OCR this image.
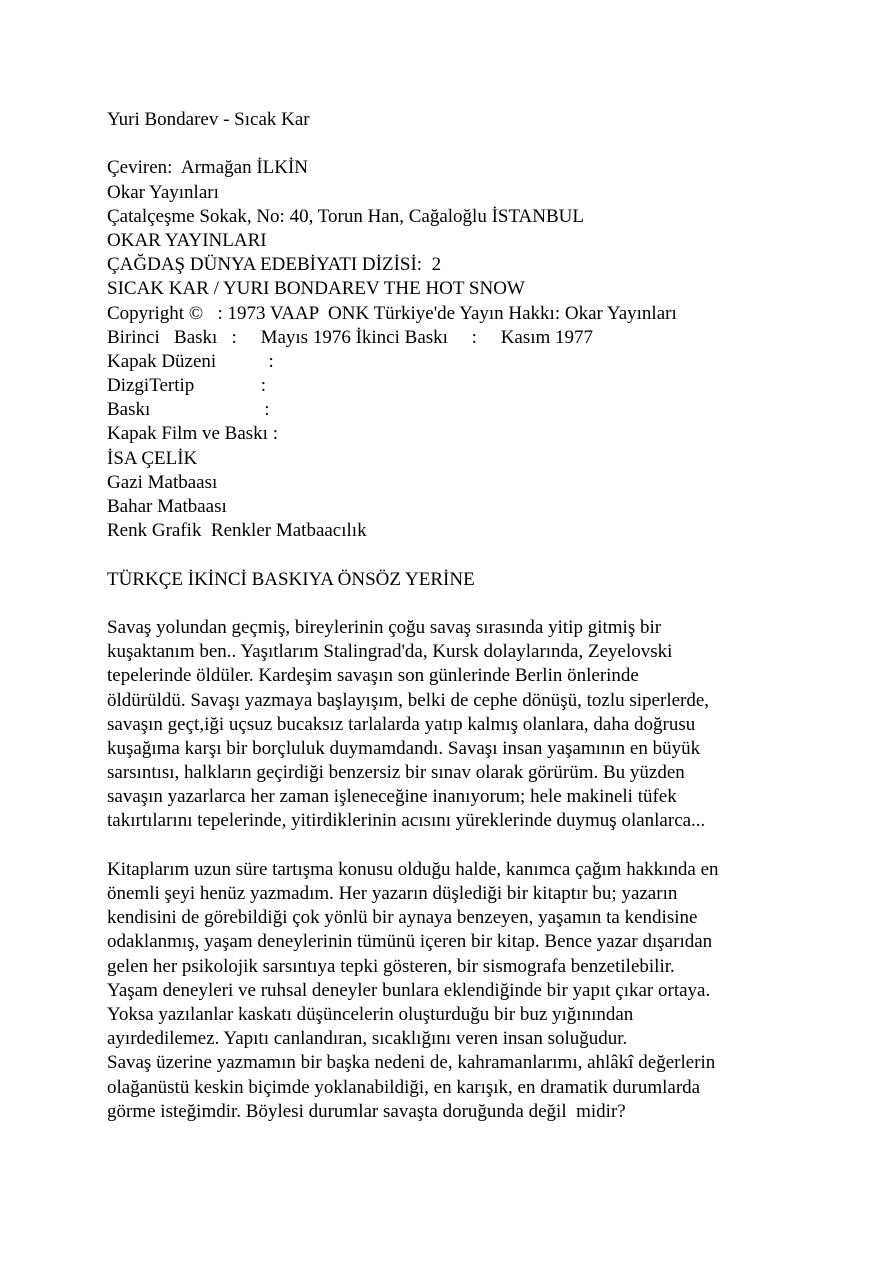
Yuri Bondarev - Sıcak Kar
Çeviren:  Armağan İLKİN
Okar Yayınları
Çatalçeşme Sokak, No: 40, Torun Han, Cağaloğlu İSTANBUL
OKAR YAYINLARI
ÇAĞDAŞ DÜNYA EDEBİYATI DİZİSİ:  2
SICAK KAR / YURI BONDAREV THE HOT SNOW
Copyright ©   : 1973 VAAP  ONK Türkiye'de Yayın Hakkı: Okar Yayınları
Birinci   Baskı   :     Mayıs 1976 İkinci Baskı     :     Kasım 1977
Kapak Düzeni           :
DizgiTertip              :
Baskı                        :
Kapak Film ve Baskı :
İSA ÇELİK
Gazi Matbaası
Bahar Matbaası
Renk Grafik  Renkler Matbaacılık
TÜRKÇE İKİNCİ BASKIYA ÖNSÖZ YERİNE
Savaş yolundan geçmiş, bireylerinin çoğu savaş sırasında yitip gitmiş bir
kuşaktanım ben.. Yaşıtlarım Stalingrad'da, Kursk dolaylarında, Zeyelovski
tepelerinde öldüler. Kardeşim savaşın son günlerinde Berlin önlerinde
öldürüldü. Savaşı yazmaya başlayışım, belki de cephe dönüşü, tozlu siperlerde,
savaşın geçt,iği uçsuz bucaksız tarlalarda yatıp kalmış olanlara, daha doğrusu
kuşağıma karşı bir borçluluk duymamdandı. Savaşı insan yaşamının en büyük
sarsıntısı, halkların geçirdiği benzersiz bir sınav olarak görürüm. Bu yüzden
savaşın yazarlarca her zaman işleneceğine inanıyorum; hele makineli tüfek
takırtılarını tepelerinde, yitirdiklerinin acısını yüreklerinde duymuş olanlarca...
Kitaplarım uzun süre tartışma konusu olduğu halde, kanımca çağım hakkında en
önemli şeyi henüz yazmadım. Her yazarın düşlediği bir kitaptır bu; yazarın
kendisini de görebildiği çok yönlü bir aynaya benzeyen, yaşamın ta kendisine
odaklanmış, yaşam deneylerinin tümünü içeren bir kitap. Bence yazar dışarıdan
gelen her psikolojik sarsıntıya tepki gösteren, bir sismografa benzetilebilir.
Yaşam deneyleri ve ruhsal deneyler bunlara eklendiğinde bir yapıt çıkar ortaya.
Yoksa yazılanlar kaskatı düşüncelerin oluşturduğu bir buz yığınından
ayırdedilemez. Yapıtı canlandıran, sıcaklığını veren insan soluğudur.
Savaş üzerine yazmamın bir başka nedeni de, kahramanlarımı, ahlâkî değerlerin
olağanüstü keskin biçimde yoklanabildiği, en karışık, en dramatik durumlarda
görme isteğimdir. Böylesi durumlar savaşta doruğunda değil  midir?
